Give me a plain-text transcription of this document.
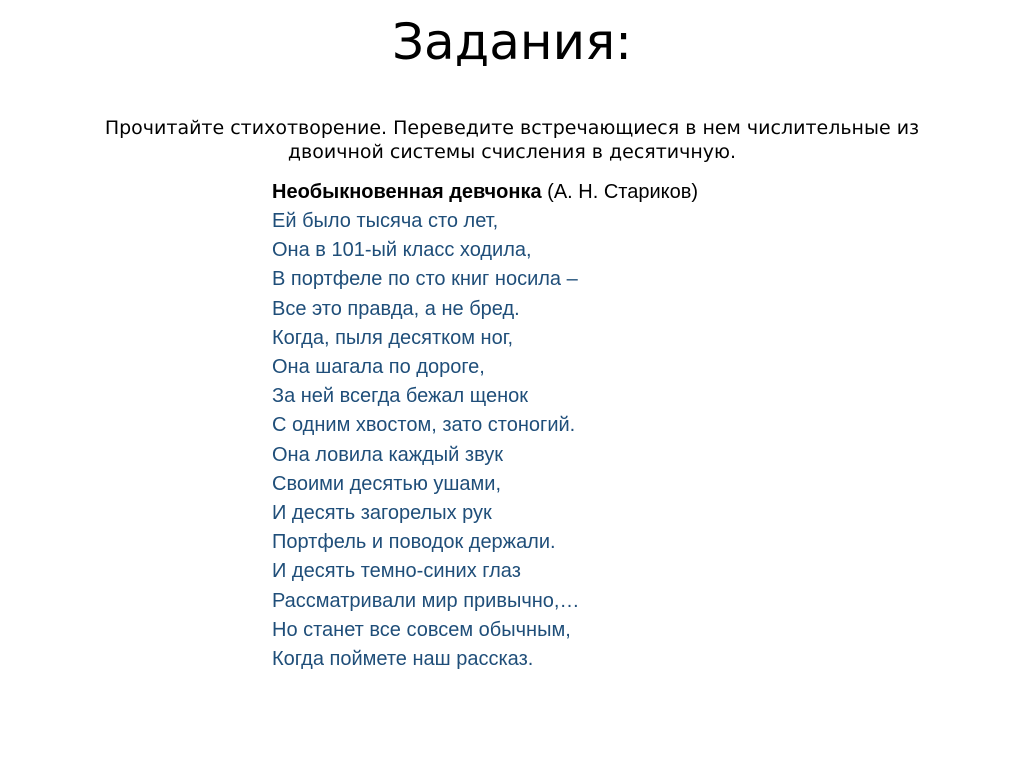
Задания:
Прочитайте стихотворение. Переведите встречающиеся в нем числительные из
двоичной системы счисления в десятичную.
Необыкновенная девчонка (А. Н. Стариков)
Ей было тысяча сто лет,
Она в 101-ый класс ходила,
В портфеле по сто книг носила –
Все это правда, а не бред.
Когда, пыля десятком ног,
Она шагала по дороге,
За ней всегда бежал щенок
С одним хвостом, зато стоногий.
Она ловила каждый звук
Своими десятью ушами,
И десять загорелых рук
Портфель и поводок держали.
И десять темно-синих глаз
Рассматривали мир привычно,…
Но станет все совсем обычным,
Когда поймете наш рассказ.
